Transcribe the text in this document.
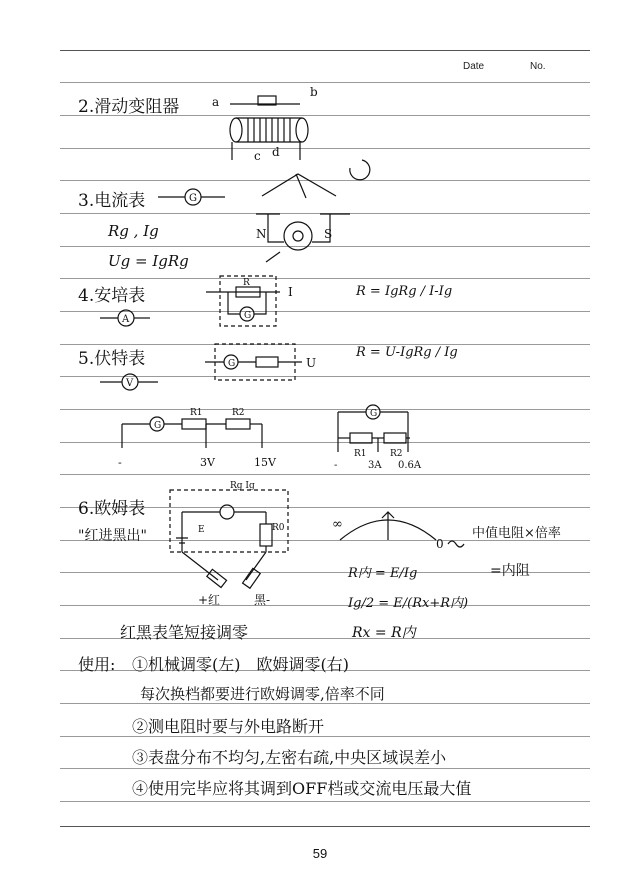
Date	No.
2.滑动变阻器
3.电流表
Rg , Ig
Ug = IgRg
4.安培表	R = IgRg / I-Ig
5.伏特表	R = U-IgRg / Ig
6.欧姆表
"红进黑出"	中值电阻×倍率
=内阻
R内 = E/Ig
Ig/2 = E/(Rx+R内)
红黑表笔短接调零	Rx = R内
使用: ①机械调零(左)　欧姆调零(右)
每次换档都要进行欧姆调零,倍率不同
②测电阻时要与外电路断开
③表盘分布不均匀,左密右疏,中央区域误差小
④使用完毕应将其调到OFF档或交流电压最大值
59
a
b
c d
G
N	S
A	G
R
I
V
G	U
G
R1	R2
-	3V	15V
G
R1	R2
-	3A 0.6A
Rg Ig
E	R0
+红	黑-
∞
0
